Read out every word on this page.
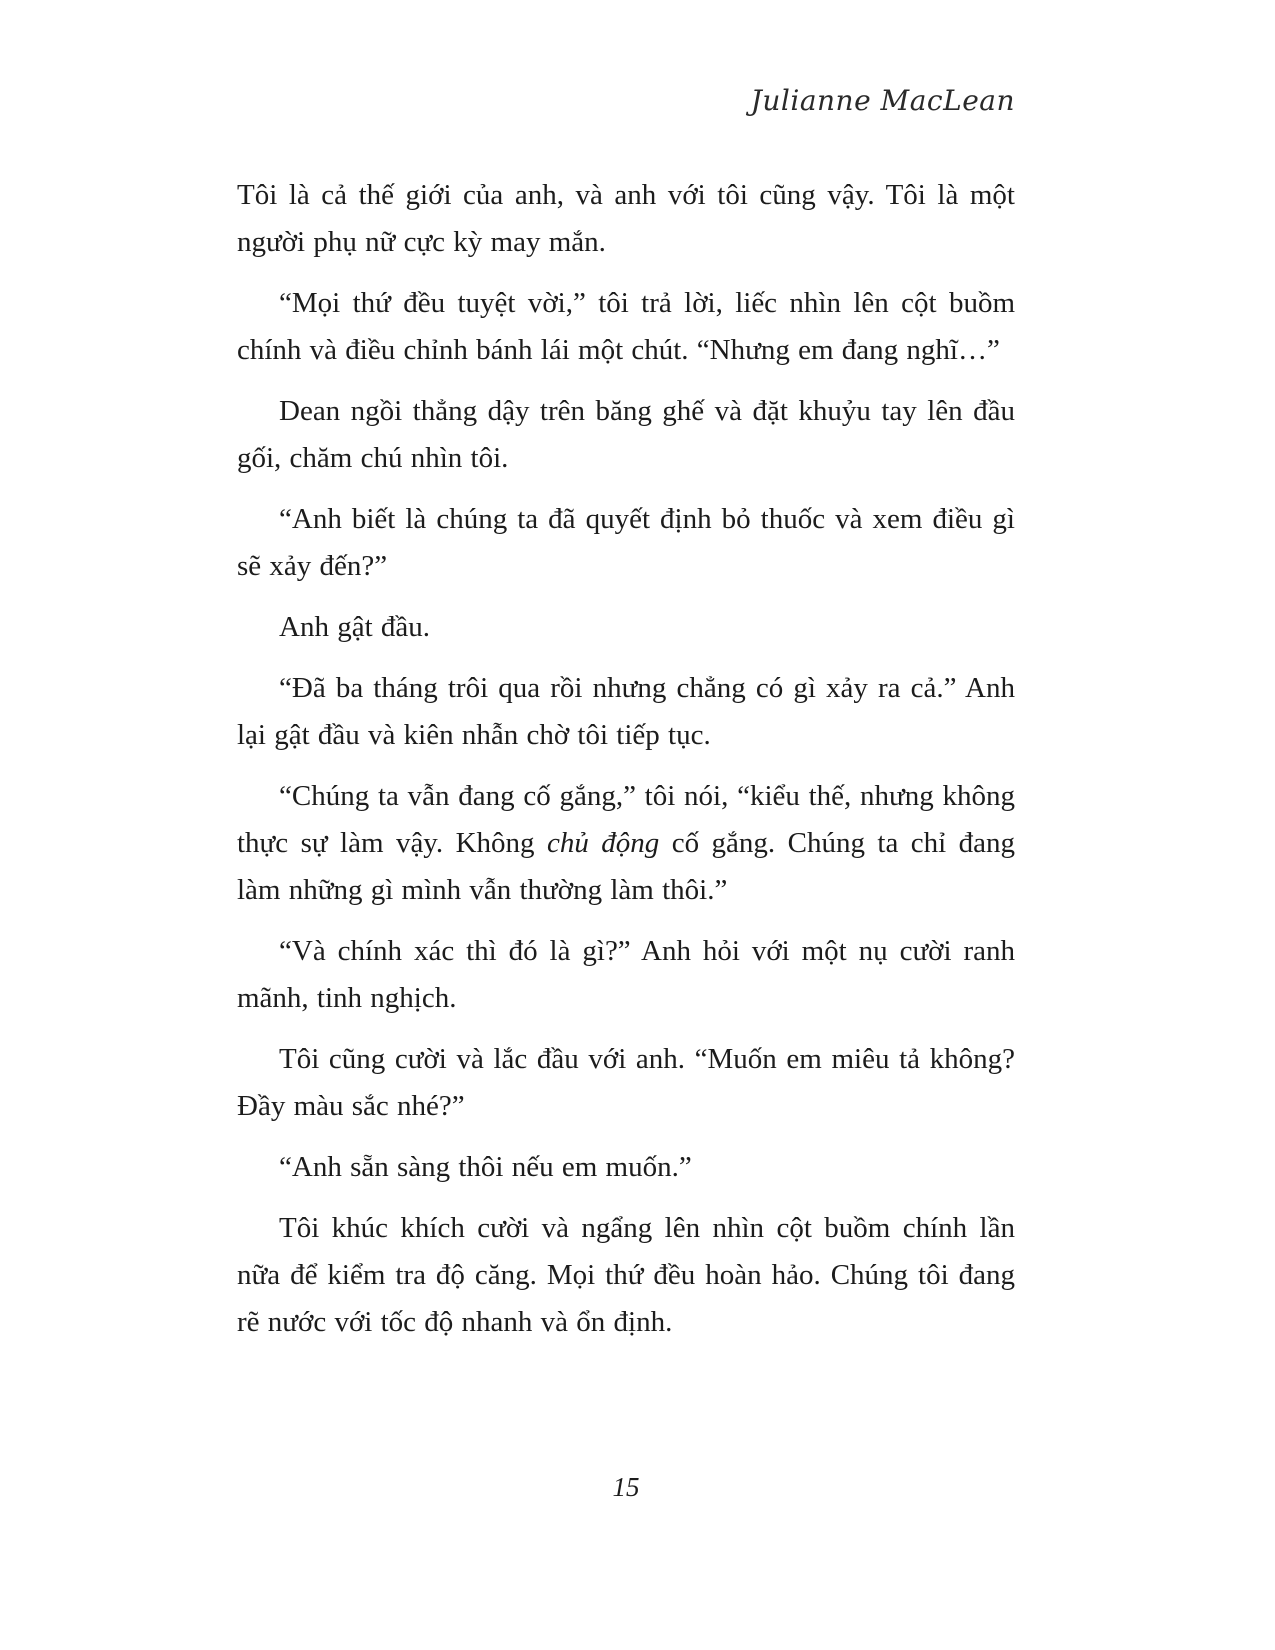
Julianne MacLean

Tôi là cả thế giới của anh, và anh với tôi cũng vậy. Tôi là một người phụ nữ cực kỳ may mắn.

“Mọi thứ đều tuyệt vời,” tôi trả lời, liếc nhìn lên cột buồm chính và điều chỉnh bánh lái một chút. “Nhưng em đang nghĩ…”

Dean ngồi thẳng dậy trên băng ghế và đặt khuỷu tay lên đầu gối, chăm chú nhìn tôi.

“Anh biết là chúng ta đã quyết định bỏ thuốc và xem điều gì sẽ xảy đến?”

Anh gật đầu.

“Đã ba tháng trôi qua rồi nhưng chẳng có gì xảy ra cả.” Anh lại gật đầu và kiên nhẫn chờ tôi tiếp tục.

“Chúng ta vẫn đang cố gắng,” tôi nói, “kiểu thế, nhưng không thực sự làm vậy. Không chủ động cố gắng. Chúng ta chỉ đang làm những gì mình vẫn thường làm thôi.”

“Và chính xác thì đó là gì?” Anh hỏi với một nụ cười ranh mãnh, tinh nghịch.

Tôi cũng cười và lắc đầu với anh. “Muốn em miêu tả không? Đầy màu sắc nhé?”

“Anh sẵn sàng thôi nếu em muốn.”

Tôi khúc khích cười và ngẩng lên nhìn cột buồm chính lần nữa để kiểm tra độ căng. Mọi thứ đều hoàn hảo. Chúng tôi đang rẽ nước với tốc độ nhanh và ổn định.

15
